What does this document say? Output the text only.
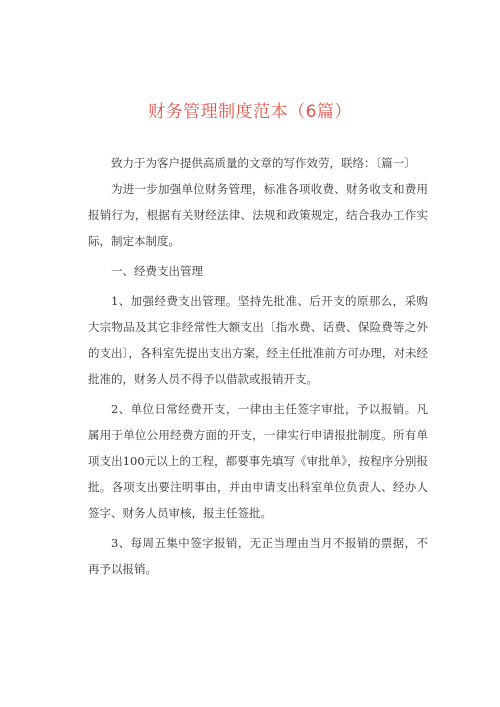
财务管理制度范本（6篇）

致力于为客户提供高质量的文章的写作效劳，联络：〔篇一〕

为进一步加强单位财务管理，标准各项收费、财务收支和费用报销行为，根据有关财经法律、法规和政策规定，结合我办工作实际，制定本制度。

一、经费支出管理

1、加强经费支出管理。坚持先批准、后开支的原那么，采购大宗物品及其它非经常性大额支出〔指水费、话费、保险费等之外的支出〕，各科室先提出支出方案，经主任批准前方可办理，对未经批准的，财务人员不得予以借款或报销开支。

2、单位日常经费开支，一律由主任签字审批，予以报销。凡属用于单位公用经费方面的开支，一律实行申请报批制度。所有单项支出100元以上的工程，都要事先填写《审批单》，按程序分别报批。各项支出要注明事由，并由申请支出科室单位负责人、经办人签字、财务人员审核，报主任签批。

3、每周五集中签字报销，无正当理由当月不报销的票据，不再予以报销。
